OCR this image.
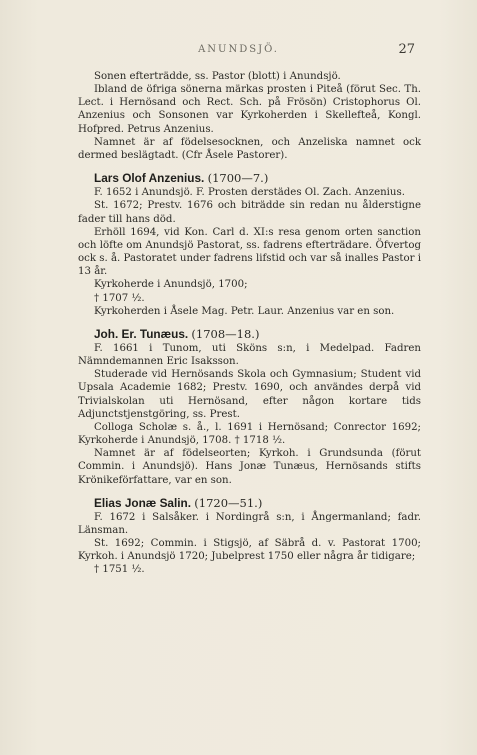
ANUNDSJÖ.	27

Sonen efterträdde, ss. Pastor (blott) i Anundsjö.

Ibland de öfriga sönerna märkas prosten i Piteå (förut Sec. Th. Lect. i Hernösand och Rect. Sch. på Frösön) Cristophorus Ol. Anzenius och Sonsonen var Kyrkoherden i Skellefteå, Kongl. Hofpred. Petrus Anzenius.

Namnet är af födelsesocknen, och Anzeliska namnet ock dermed beslägtadt. (Cfr Åsele Pastorer).

Lars Olof Anzenius. (1700—7.)

F. 1652 i Anundsjö. F. Prosten derstädes Ol. Zach. Anzenius.

St. 1672; Prestv. 1676 och biträdde sin redan nu ålderstigne fader till hans död.

Erhöll 1694, vid Kon. Carl d. XI:s resa genom orten sanction och löfte om Anundsjö Pastorat, ss. fadrens efterträdare. Öfvertog ock s. å. Pastoratet under fadrens lifstid och var så inalles Pastor i 13 år.

Kyrkoherde i Anundsjö, 1700;

† 1707 ½.

Kyrkoherden i Åsele Mag. Petr. Laur. Anzenius var en son.

Joh. Er. Tunæus. (1708—18.)

F. 1661 i Tunom, uti Sköns s:n, i Medelpad. Fadren Nämndemannen Eric Isaksson.

Studerade vid Hernösands Skola och Gymnasium; Student vid Upsala Academie 1682; Prestv. 1690, och användes derpå vid Trivialskolan uti Hernösand, efter någon kortare tids Adjunctstjenstgöring, ss. Prest.

Colloga Scholæ s. å., l. 1691 i Hernösand; Conrector 1692; Kyrkoherde i Anundsjö, 1708. † 1718 ½.

Namnet är af födelseorten; Kyrkoh. i Grundsunda (förut Commin. i Anundsjö). Hans Jonæ Tunæus, Hernösands stifts Krönikeförfattare, var en son.

Elias Jonæ Salin. (1720—51.)

F. 1672 i Salsåker. i Nordingrå s:n, i Ångermanland; fadr. Länsman.

St. 1692; Commin. i Stigsjö, af Säbrå d. v. Pastorat 1700; Kyrkoh. i Anundsjö 1720; Jubelprest 1750 eller några år tidigare;

† 1751 ½.
